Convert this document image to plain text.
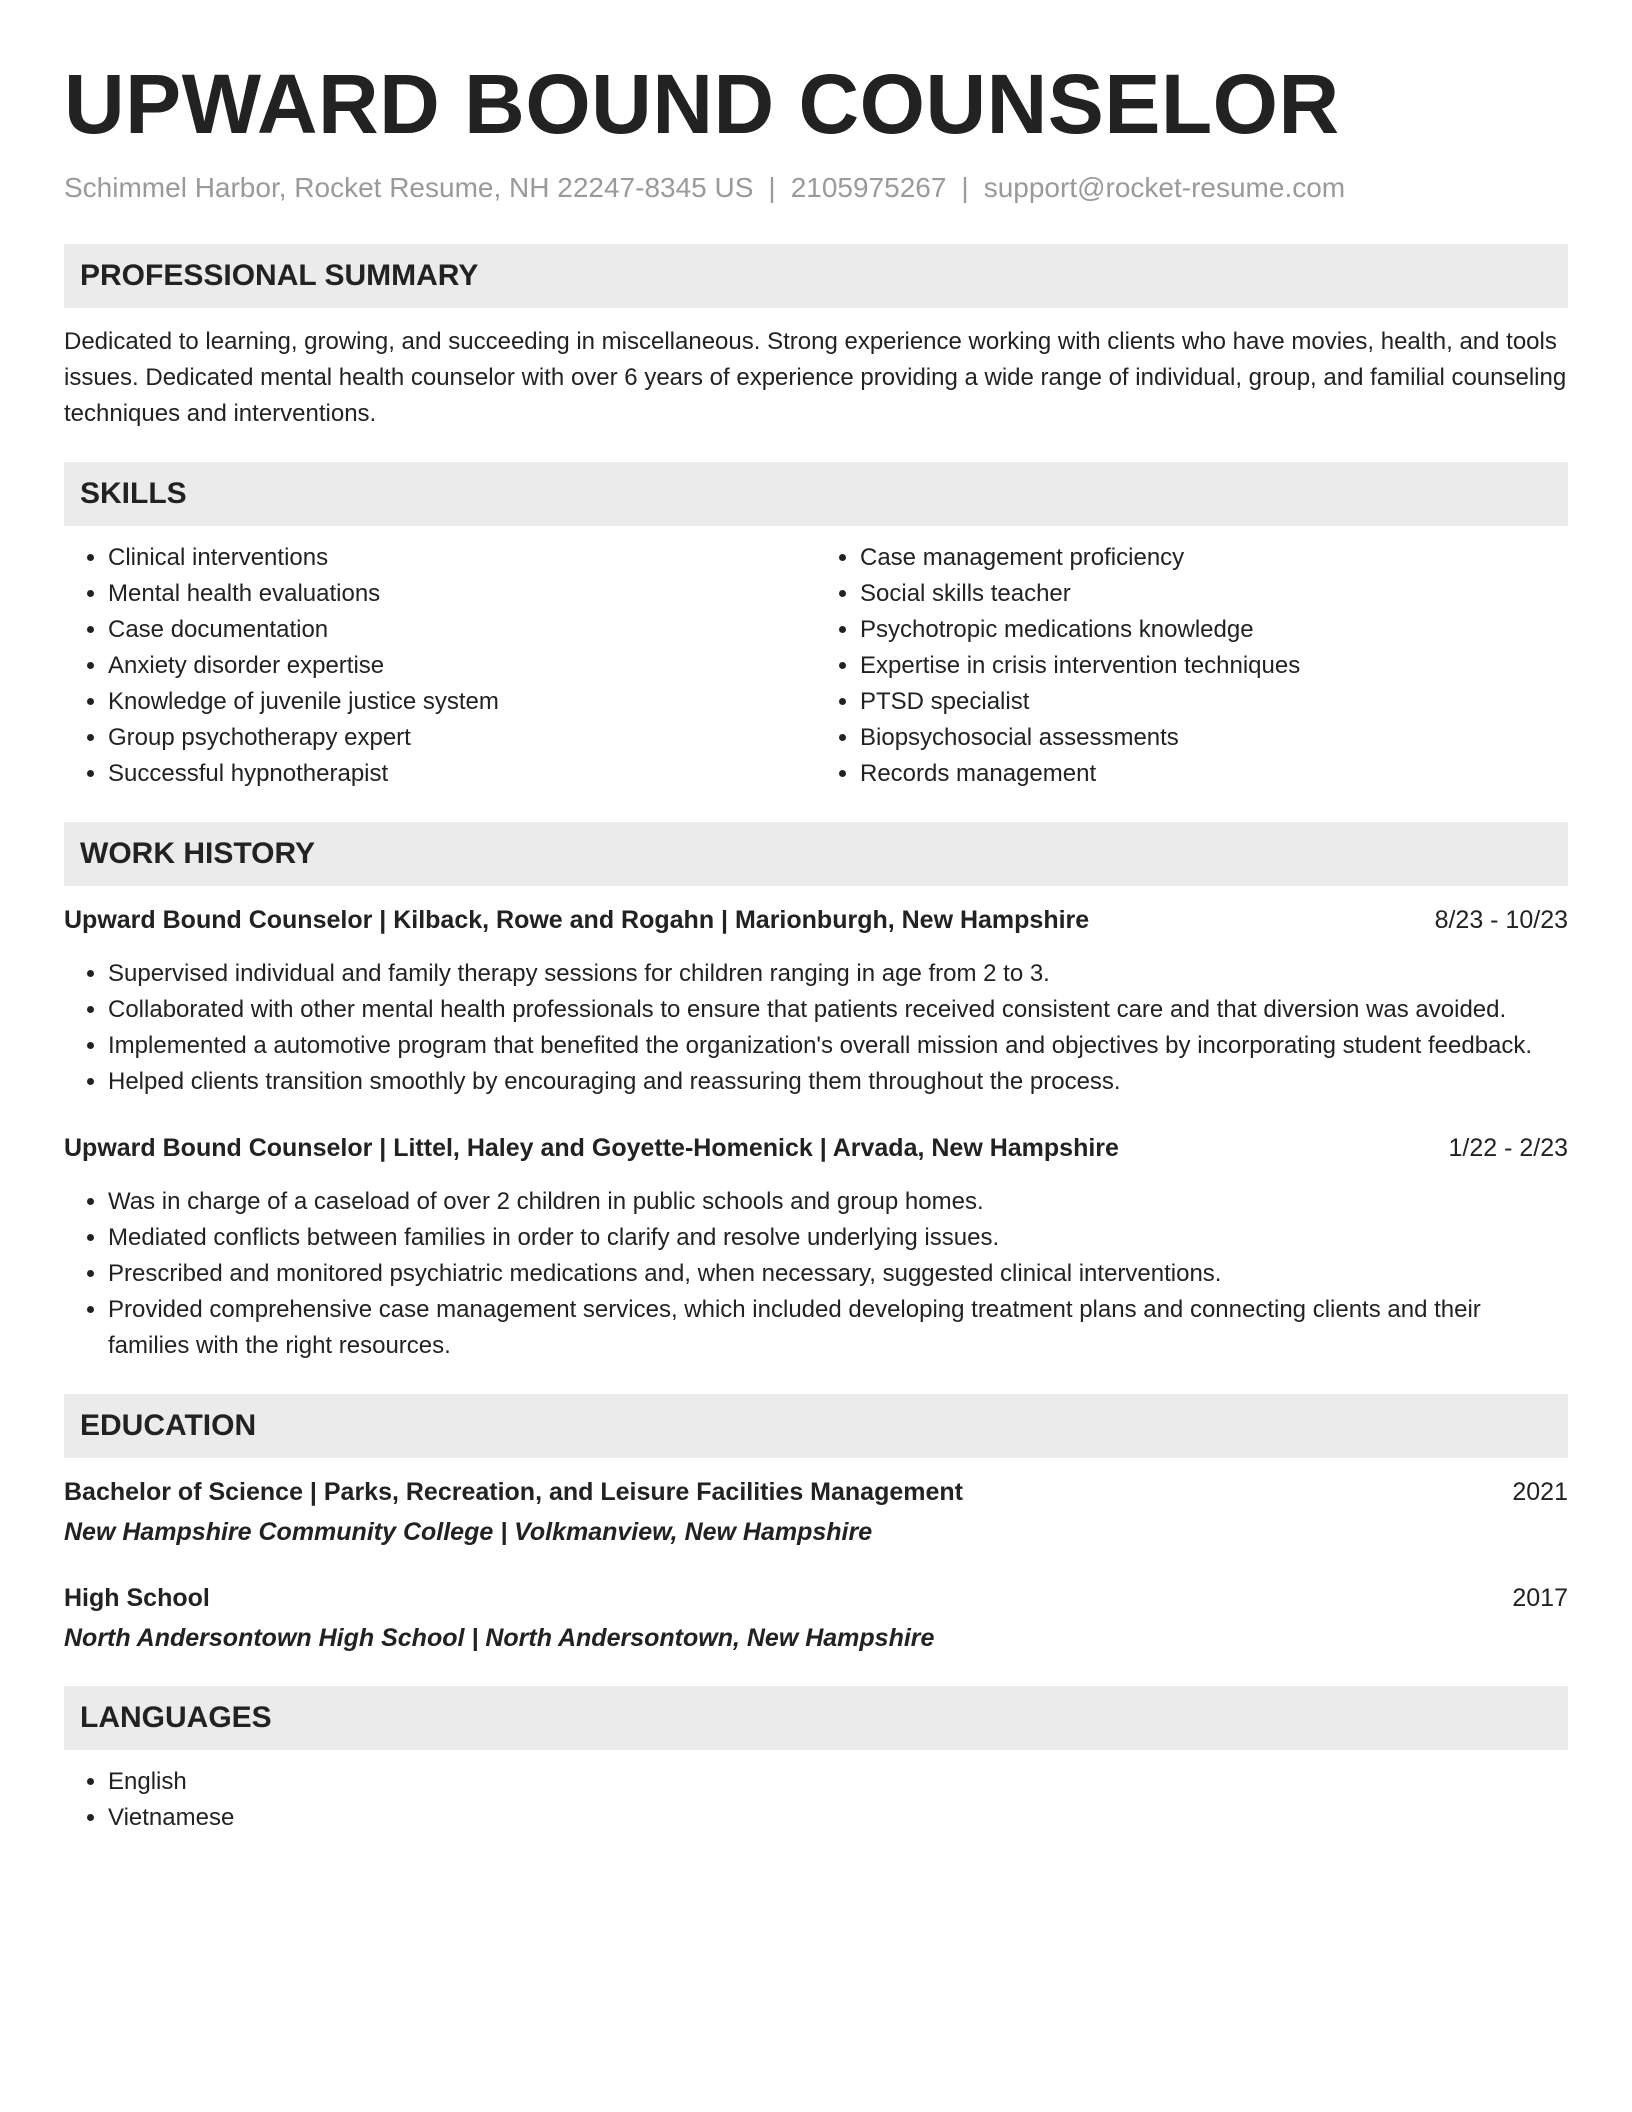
UPWARD BOUND COUNSELOR
Schimmel Harbor, Rocket Resume, NH 22247-8345 US | 2105975267 | support@rocket-resume.com
PROFESSIONAL SUMMARY

Dedicated to learning, growing, and succeeding in miscellaneous. Strong experience working with clients who have movies, health, and tools issues. Dedicated mental health counselor with over 6 years of experience providing a wide range of individual, group, and familial counseling techniques and interventions.

SKILLS
• Clinical interventions
• Mental health evaluations
• Case documentation
• Anxiety disorder expertise
• Knowledge of juvenile justice system
• Group psychotherapy expert
• Successful hypnotherapist
• Case management proficiency
• Social skills teacher
• Psychotropic medications knowledge
• Expertise in crisis intervention techniques
• PTSD specialist
• Biopsychosocial assessments
• Records management
WORK HISTORY
Upward Bound Counselor | Kilback, Rowe and Rogahn | Marionburgh, New Hampshire	8/23 - 10/23
• Supervised individual and family therapy sessions for children ranging in age from 2 to 3.
• Collaborated with other mental health professionals to ensure that patients received consistent care and that diversion was avoided.
• Implemented a automotive program that benefited the organization's overall mission and objectives by incorporating student feedback.
• Helped clients transition smoothly by encouraging and reassuring them throughout the process.
Upward Bound Counselor | Littel, Haley and Goyette-Homenick | Arvada, New Hampshire	1/22 - 2/23
• Was in charge of a caseload of over 2 children in public schools and group homes.
• Mediated conflicts between families in order to clarify and resolve underlying issues.
• Prescribed and monitored psychiatric medications and, when necessary, suggested clinical interventions.
• Provided comprehensive case management services, which included developing treatment plans and connecting clients and their families with the right resources.
EDUCATION
Bachelor of Science | Parks, Recreation, and Leisure Facilities Management	2021
New Hampshire Community College | Volkmanview, New Hampshire
High School	2017
North Andersontown High School | North Andersontown, New Hampshire
LANGUAGES
• English
• Vietnamese
